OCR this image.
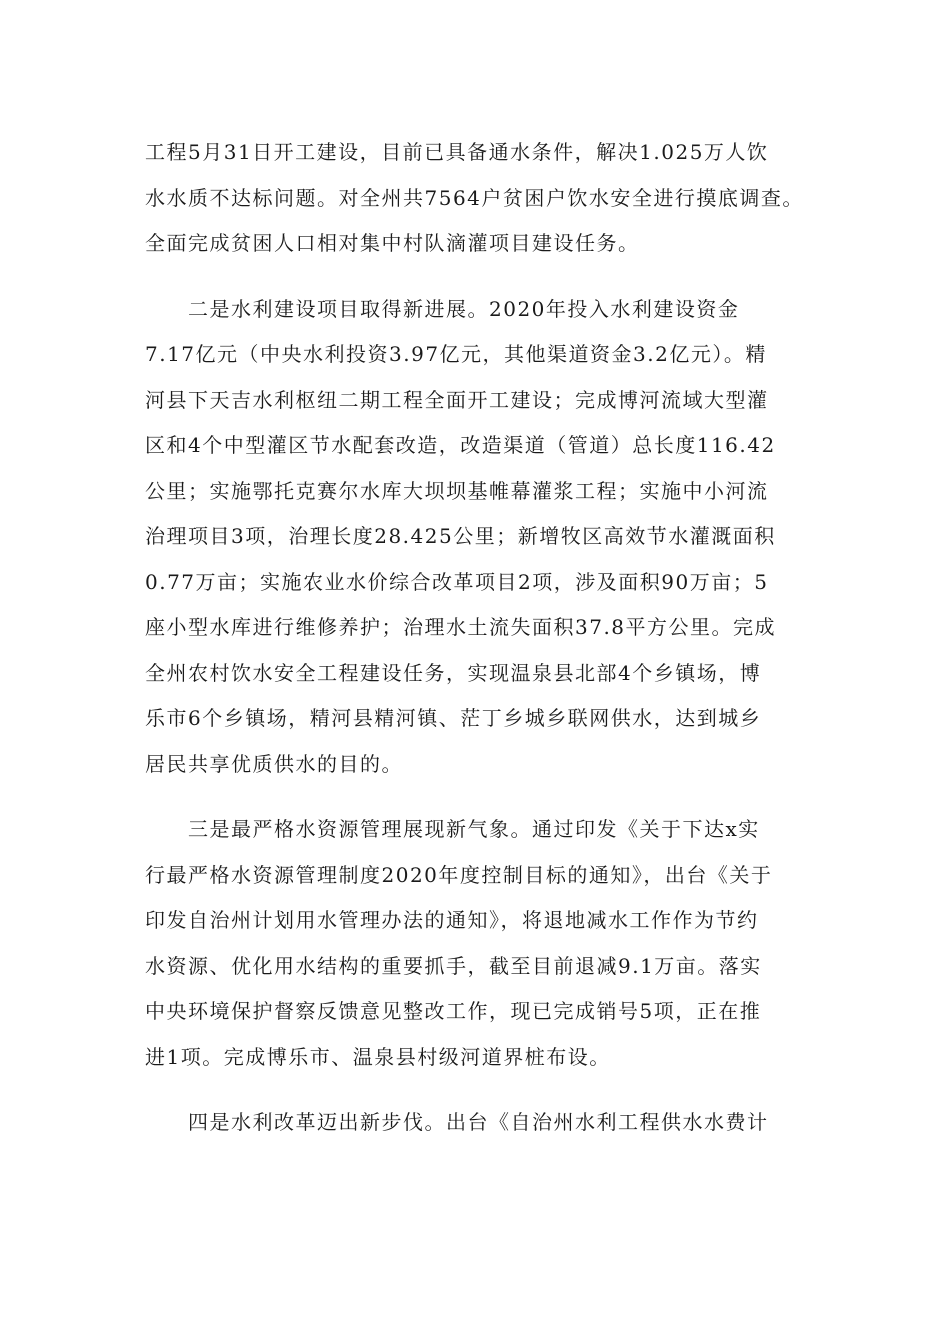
工程5月31日开工建设，目前已具备通水条件，解决1.025万人饮
水水质不达标问题。对全州共7564户贫困户饮水安全进行摸底调查。
全面完成贫困人口相对集中村队滴灌项目建设任务。
　　二是水利建设项目取得新进展。2020年投入水利建设资金
7.17亿元（中央水利投资3.97亿元，其他渠道资金3.2亿元）。精
河县下天吉水利枢纽二期工程全面开工建设；完成博河流域大型灌
区和4个中型灌区节水配套改造，改造渠道（管道）总长度116.42
公里；实施鄂托克赛尔水库大坝坝基帷幕灌浆工程；实施中小河流
治理项目3项，治理长度28.425公里；新增牧区高效节水灌溉面积
0.77万亩；实施农业水价综合改革项目2项，涉及面积90万亩；5
座小型水库进行维修养护；治理水土流失面积37.8平方公里。完成
全州农村饮水安全工程建设任务，实现温泉县北部4个乡镇场，博
乐市6个乡镇场，精河县精河镇、茫丁乡城乡联网供水，达到城乡
居民共享优质供水的目的。
　　三是最严格水资源管理展现新气象。通过印发《关于下达x实
行最严格水资源管理制度2020年度控制目标的通知》，出台《关于
印发自治州计划用水管理办法的通知》，将退地减水工作作为节约
水资源、优化用水结构的重要抓手，截至目前退减9.1万亩。落实
中央环境保护督察反馈意见整改工作，现已完成销号5项，正在推
进1项。完成博乐市、温泉县村级河道界桩布设。
　　四是水利改革迈出新步伐。出台《自治州水利工程供水水费计
